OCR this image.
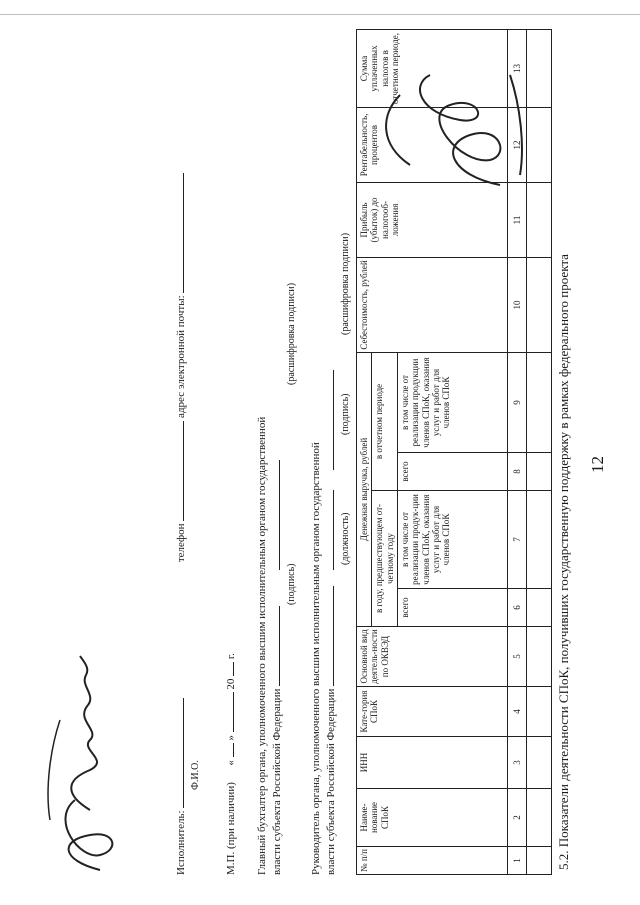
12
5.2. Показатели деятельности СПоК, получивших государственную поддержку в рамках федерального проекта
№ п/п	Наиме-нование СПоК	ИНН	Кате-гория СПоК	Основной вид деятель-ности по ОКВЭД	Денежная выручка, рублей				Себестоимость, рублей	Прибыль (убыток) до налогооб-ложения	Рентабельность, процентов	Сумма уплаченных налогов в отчетном периоде,
					в году, предшествующем от-четному году		в отчетном периоде					
					всего	в том числе от реализации продук-ции членов СПоК, оказания услуг и работ для членов СПоК	всего	в том числе от реализации продукции членов СПоК, оказания услуг и работ для членов СПоК				
1	2	3	4	5	6	7	8	9	10	11	12	13

Руководитель органа, уполномоченного высшим исполнительным органом государственной власти субъекта Российской Федерации
(должность)
(подпись)
(расшифровка подписи)
Главный бухгалтер органа, уполномоченного высшим исполнительным органом государственной власти субъекта Российской Федерации
(подпись)
(расшифровка подписи)
М.П. (при наличии)      «  »  20  г.
Исполнитель:   телефон  адрес электронной почты:
Ф.И.О.
